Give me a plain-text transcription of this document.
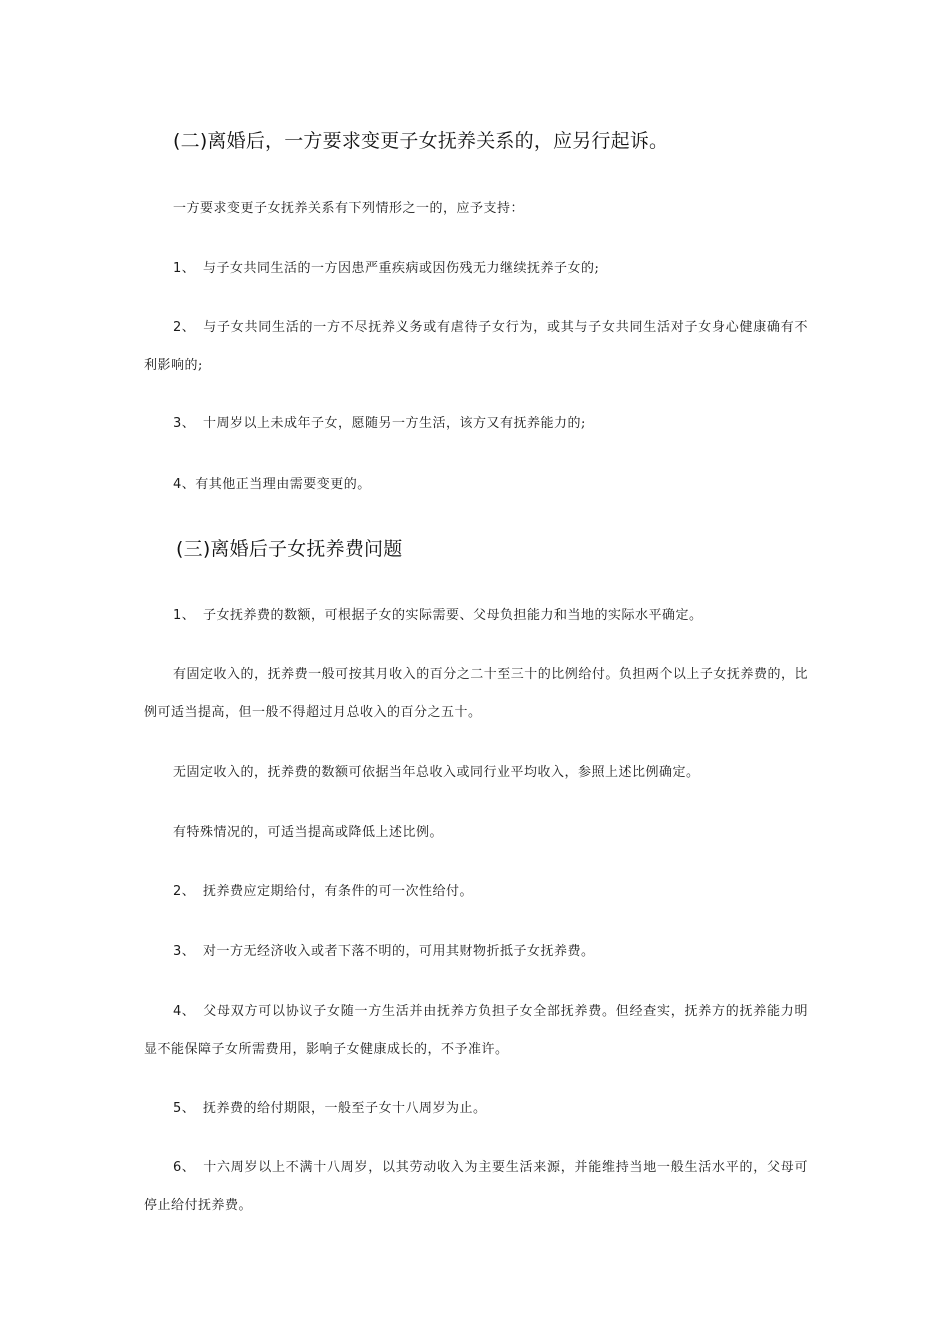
(二)离婚后，一方要求变更子女抚养关系的，应另行起诉。
一方要求变更子女抚养关系有下列情形之一的，应予支持：
1、 与子女共同生活的一方因患严重疾病或因伤残无力继续抚养子女的;
2、 与子女共同生活的一方不尽抚养义务或有虐待子女行为，或其与子女共同生活对子女身心健康确有不利影响的;
3、 十周岁以上未成年子女，愿随另一方生活，该方又有抚养能力的;
4、有其他正当理由需要变更的。
(三)离婚后子女抚养费问题
1、 子女抚养费的数额，可根据子女的实际需要、父母负担能力和当地的实际水平确定。
有固定收入的，抚养费一般可按其月收入的百分之二十至三十的比例给付。负担两个以上子女抚养费的，比例可适当提高，但一般不得超过月总收入的百分之五十。
无固定收入的，抚养费的数额可依据当年总收入或同行业平均收入，参照上述比例确定。
有特殊情况的，可适当提高或降低上述比例。
2、 抚养费应定期给付，有条件的可一次性给付。
3、 对一方无经济收入或者下落不明的，可用其财物折抵子女抚养费。
4、 父母双方可以协议子女随一方生活并由抚养方负担子女全部抚养费。但经查实，抚养方的抚养能力明显不能保障子女所需费用，影响子女健康成长的，不予准许。
5、 抚养费的给付期限，一般至子女十八周岁为止。
6、 十六周岁以上不满十八周岁，以其劳动收入为主要生活来源，并能维持当地一般生活水平的，父母可停止给付抚养费。
